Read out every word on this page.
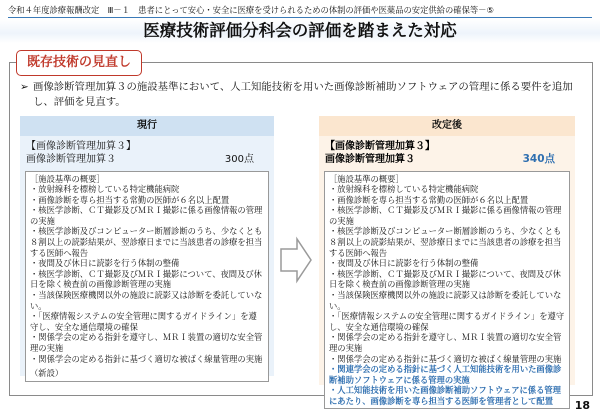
令和４年度診療報酬改定　Ⅲ－１　患者にとって安心・安全に医療を受けられるための体制の評価や医薬品の安定供給の確保等－⑤
医療技術評価分科会の評価を踏まえた対応
既存技術の見直し
➢ 画像診断管理加算３の施設基準において、人工知能技術を用いた画像診断補助ソフトウェアの管理に係る要件を追加し、評価を見直す。
現行
【画像診断管理加算３】
画像診断管理加算３	300点
［施設基準の概要］
・放射線科を標榜している特定機能病院
・画像診断を専ら担当する常勤の医師が６名以上配置
・核医学診断、ＣＴ撮影及びＭＲＩ撮影に係る画像情報の管理の実施
・核医学診断及びコンピューター断層診断のうち、少なくとも８割以上の読影結果が、翌診療日までに当該患者の診療を担当する医師へ報告
・夜間及び休日に読影を行う体制の整備
・核医学診断、ＣＴ撮影及びＭＲＩ撮影について、夜間及び休日を除く検査前の画像診断管理の実施
・当該保険医療機関以外の施設に読影又は診断を委託していない。
・「医療情報システムの安全管理に関するガイドライン」を遵守し、安全な通信環境の確保
・関係学会の定める指針を遵守し、ＭＲＩ装置の適切な安全管理の実施
・関係学会の定める指針に基づく適切な被ばく線量管理の実施
（新設）
改定後
【画像診断管理加算３】
画像診断管理加算３	340点
［施設基準の概要］
・放射線科を標榜している特定機能病院
・画像診断を専ら担当する常勤の医師が６名以上配置
・核医学診断、ＣＴ撮影及びＭＲＩ撮影に係る画像情報の管理の実施
・核医学診断及びコンピューター断層診断のうち、少なくとも８割以上の読影結果が、翌診療日までに当該患者の診療を担当する医師へ報告
・夜間及び休日に読影を行う体制の整備
・核医学診断、ＣＴ撮影及びＭＲＩ撮影について、夜間及び休日を除く検査前の画像診断管理の実施
・当該保険医療機関以外の施設に読影又は診断を委託していない。
・「医療情報システムの安全管理に関するガイドライン」を遵守し、安全な通信環境の確保
・関係学会の定める指針を遵守し、ＭＲＩ装置の適切な安全管理の実施
・関係学会の定める指針に基づく適切な被ばく線量管理の実施
・関連学会の定める指針に基づく人工知能技術を用いた画像診断補助ソフトウェアに係る管理の実施
・人工知能技術を用いた画像診断補助ソフトウェアに係る管理にあたり、画像診断を専ら担当する医師を管理者として配置	18
